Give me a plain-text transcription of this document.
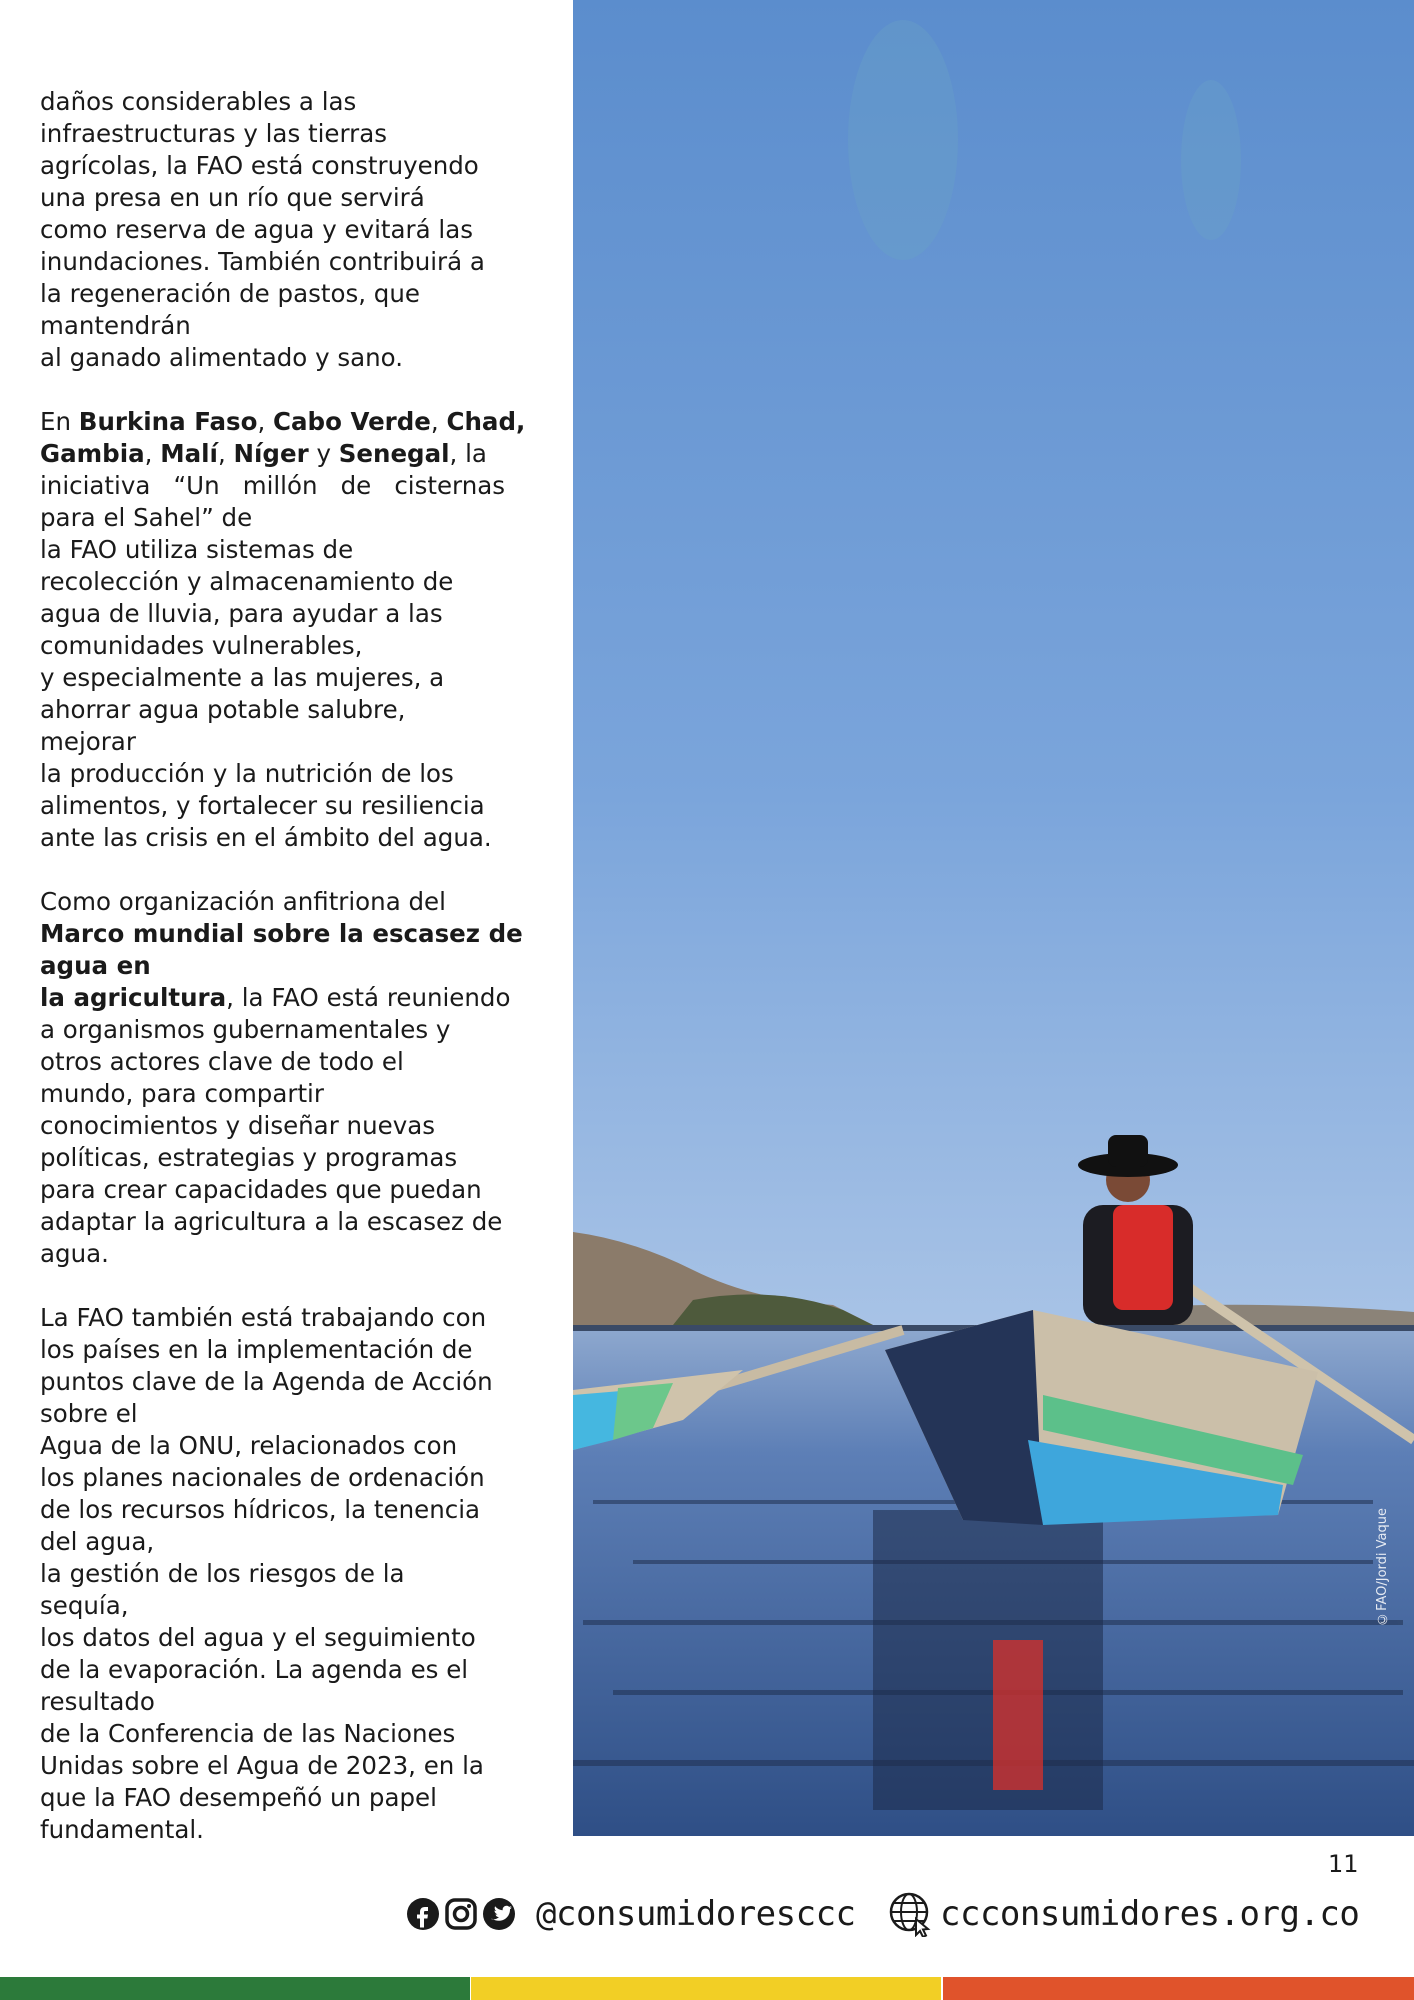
daños considerables a las
infraestructuras y las tierras
agrícolas, la FAO está construyendo
una presa en un río que servirá
como reserva de agua y evitará las
inundaciones. También contribuirá a
la regeneración de pastos, que
mantendrán
al ganado alimentado y sano.
En Burkina Faso, Cabo Verde, Chad,
Gambia, Malí, Níger y Senegal, la
iniciativa “Un millón de cisternas
para el Sahel” de
la FAO utiliza sistemas de
recolección y almacenamiento de
agua de lluvia, para ayudar a las
comunidades vulnerables,
y especialmente a las mujeres, a
ahorrar agua potable salubre,
mejorar
la producción y la nutrición de los
alimentos, y fortalecer su resiliencia
ante las crisis en el ámbito del agua.
Como organización anfitriona del
Marco mundial sobre la escasez de
agua en
la agricultura, la FAO está reuniendo
a organismos gubernamentales y
otros actores clave de todo el
mundo, para compartir
conocimientos y diseñar nuevas
políticas, estrategias y programas
para crear capacidades que puedan
adaptar la agricultura a la escasez de
agua.
La FAO también está trabajando con
los países en la implementación de
puntos clave de la Agenda de Acción
sobre el
Agua de la ONU, relacionados con
los planes nacionales de ordenación
de los recursos hídricos, la tenencia
del agua,
la gestión de los riesgos de la
sequía,
los datos del agua y el seguimiento
de la evaporación. La agenda es el
resultado
de la Conferencia de las Naciones
Unidas sobre el Agua de 2023, en la
que la FAO desempeñó un papel
fundamental.
©FAO/Jordi Vaque
11
@consumidoresccc ccconsumidores.org.co
